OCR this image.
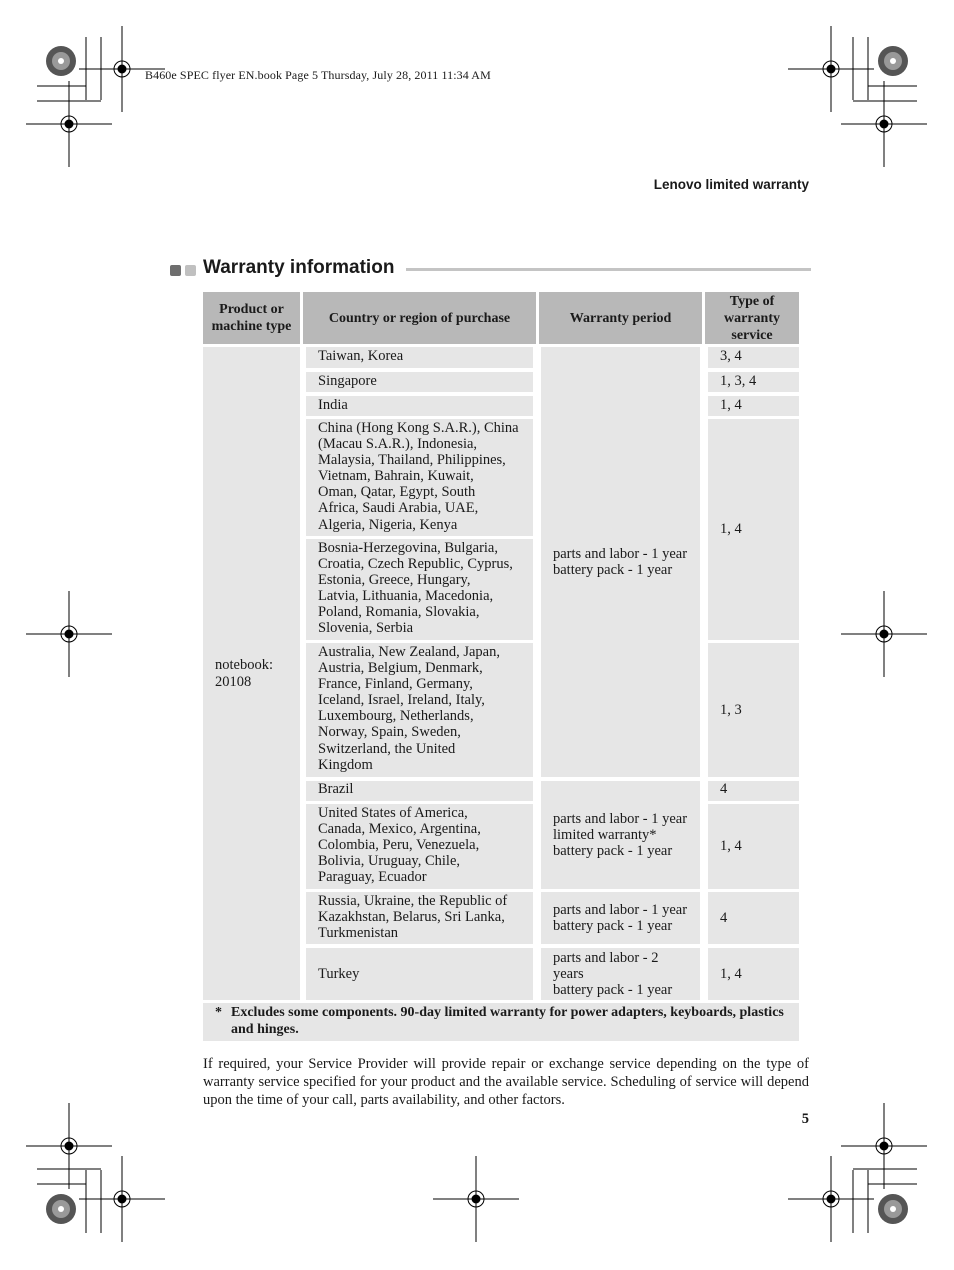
B460e SPEC flyer EN.book Page 5 Thursday, July 28, 2011 11:34 AM
Lenovo limited warranty
Warranty information
Product or
machine type
Country or region of purchase	Warranty period
Type of
warranty
service
notebook:
20108
Taiwan, Korea
Singapore
India
China (Hong Kong S.A.R.), China
(Macau S.A.R.), Indonesia,
Malaysia, Thailand, Philippines,
Vietnam, Bahrain, Kuwait,
Oman, Qatar, Egypt, South
Africa, Saudi Arabia, UAE,
Algeria, Nigeria, Kenya
Bosnia-Herzegovina, Bulgaria,
Croatia, Czech Republic, Cyprus,
Estonia, Greece, Hungary,
Latvia, Lithuania, Macedonia,
Poland, Romania, Slovakia,
Slovenia, Serbia
Australia, New Zealand, Japan,
Austria, Belgium, Denmark,
France, Finland, Germany,
Iceland, Israel, Ireland, Italy,
Luxembourg, Netherlands,
Norway, Spain, Sweden,
Switzerland, the United
Kingdom
Brazil
United States of America,
Canada, Mexico, Argentina,
Colombia, Peru, Venezuela,
Bolivia, Uruguay, Chile,
Paraguay, Ecuador
Russia, Ukraine, the Republic of
Kazakhstan, Belarus, Sri Lanka,
Turkmenistan
Turkey
parts and labor - 1 year
battery pack - 1 year
parts and labor - 1 year
limited warranty*
battery pack - 1 year
parts and labor - 1 year
battery pack - 1 year
parts and labor - 2
years
battery pack - 1 year
3, 4
1, 3, 4
1, 4
1, 4
1, 3
4
1, 4
4
1, 4
* Excludes some components. 90-day limited warranty for power adapters, keyboards, plastics and hinges.
If required, your Service Provider will provide repair or exchange service depending on the type of warranty service specified for your product and the available service. Scheduling of service will depend upon the time of your call, parts availability, and other factors.
5
